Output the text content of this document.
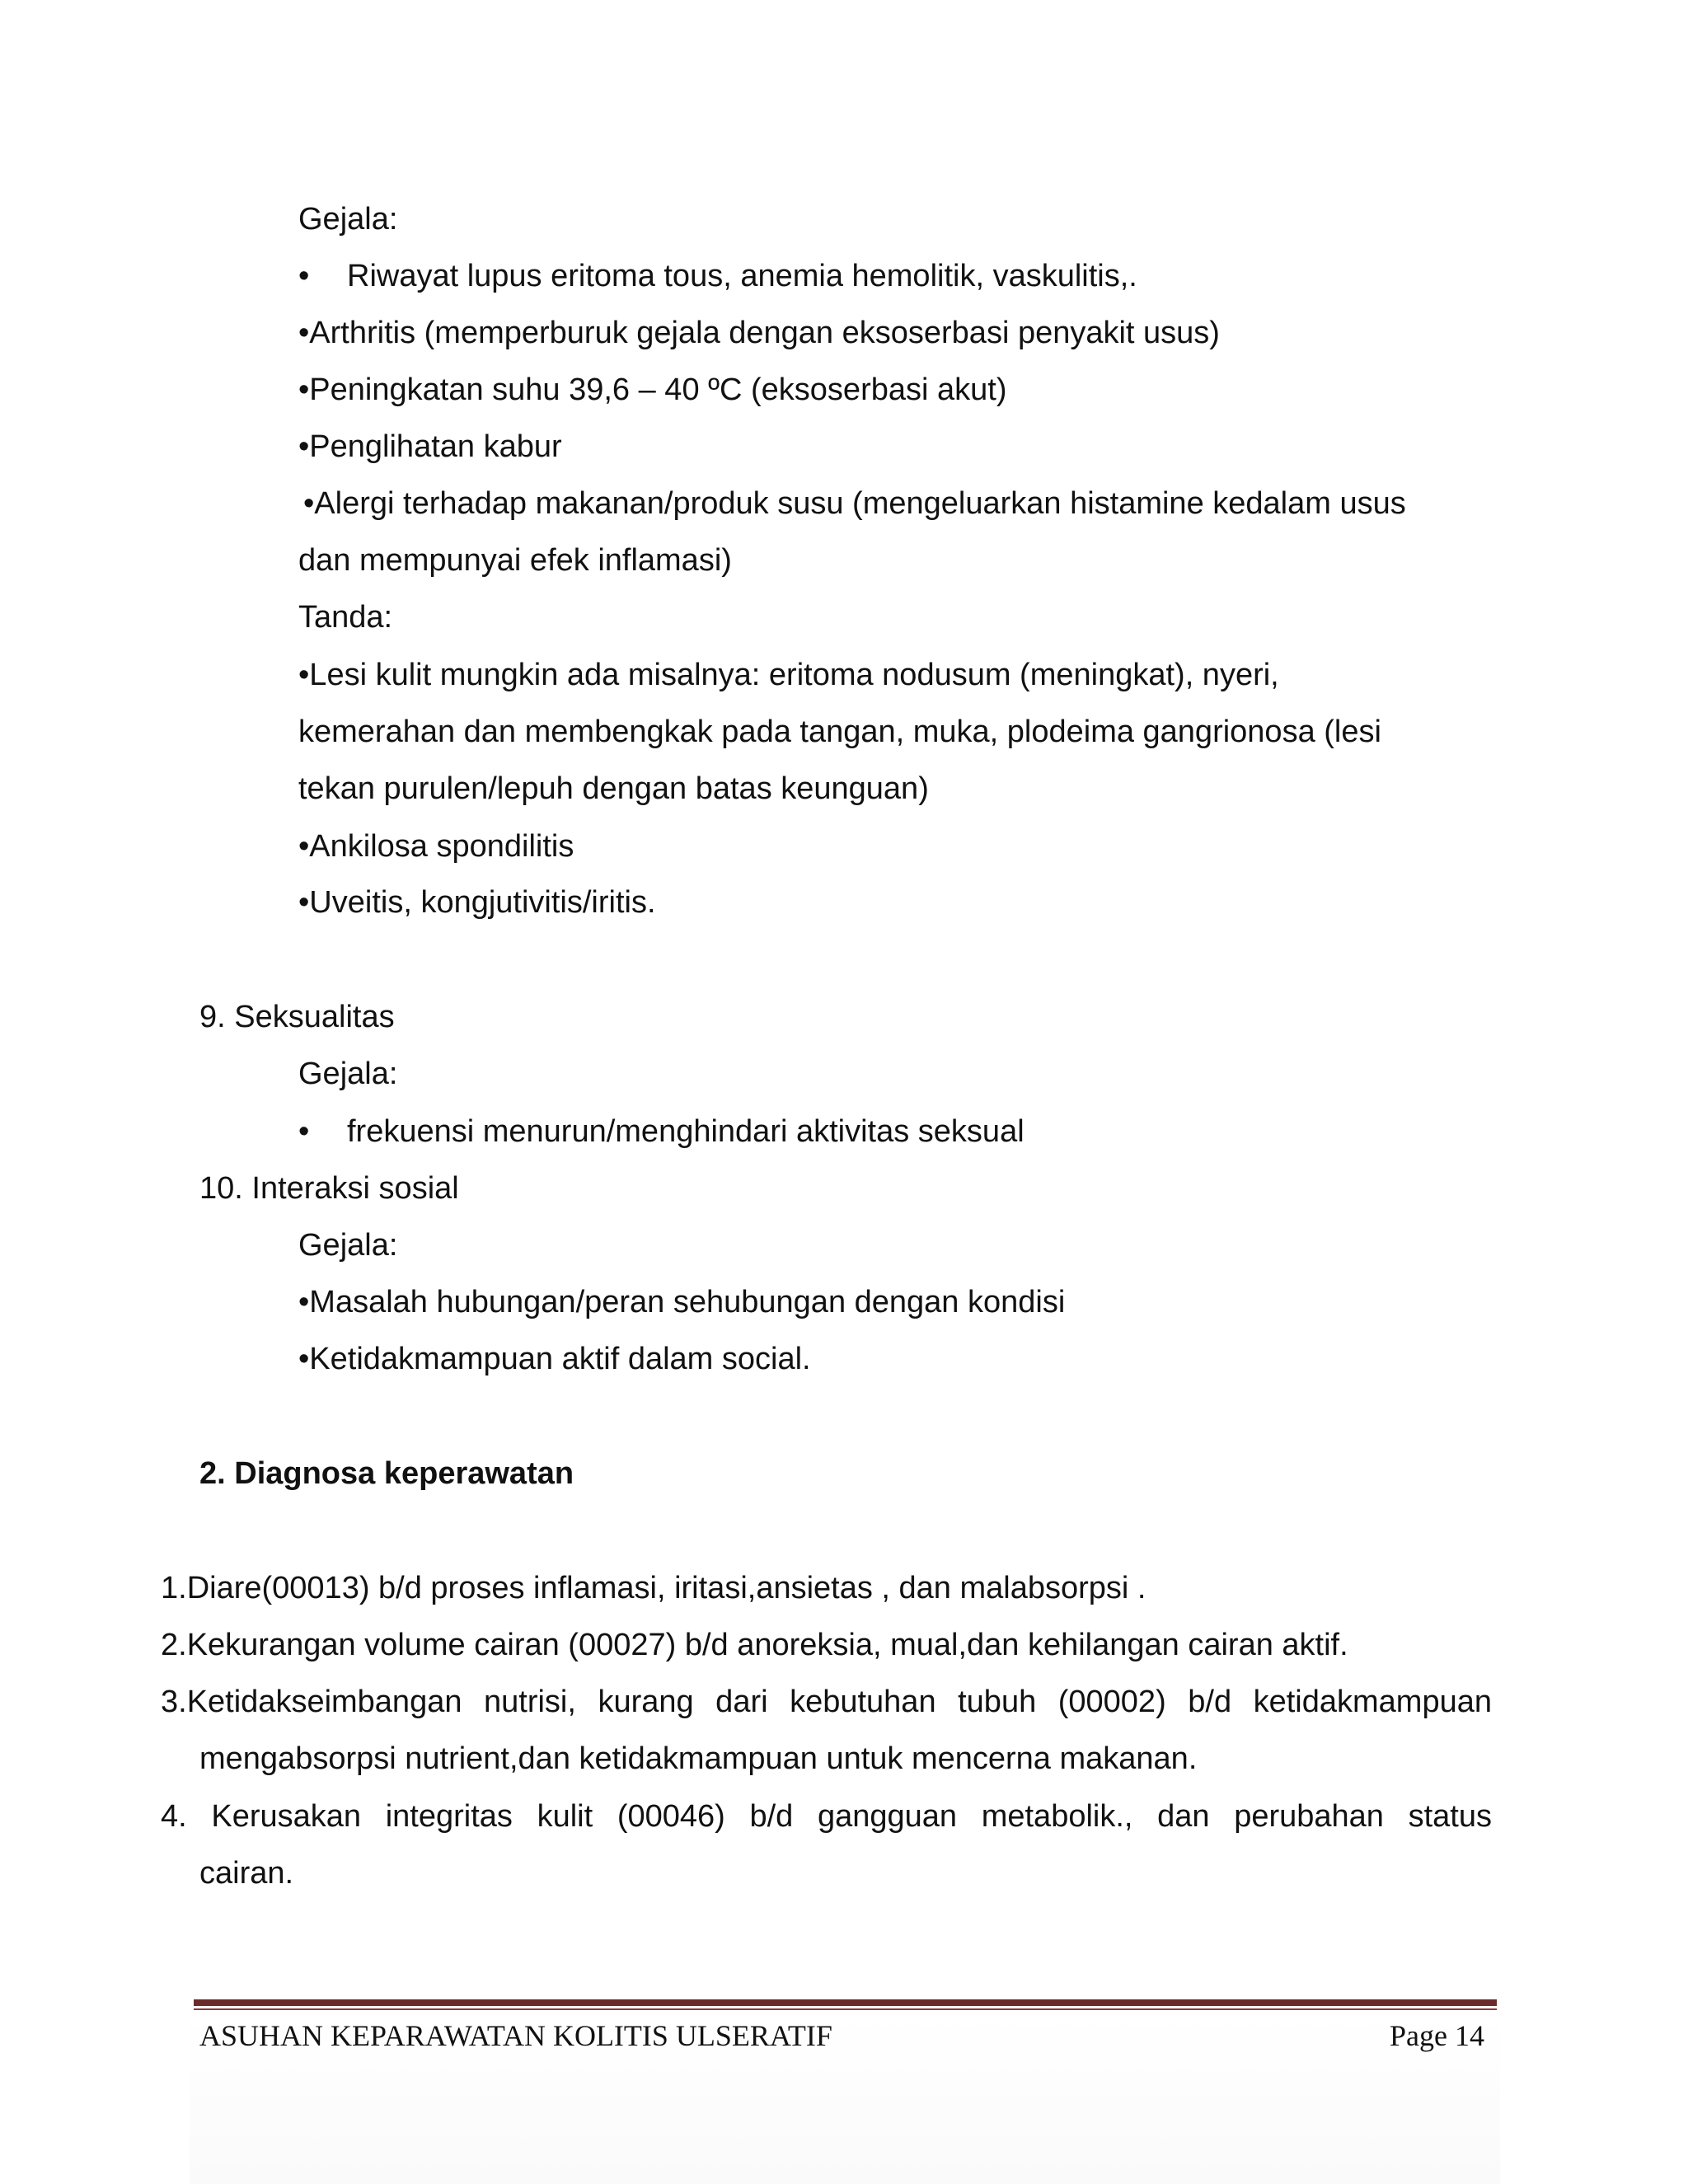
Gejala:
• Riwayat lupus eritoma tous, anemia hemolitik, vaskulitis,.
•Arthritis (memperburuk gejala dengan eksoserbasi penyakit usus)
•Peningkatan suhu 39,6 – 40 ºC (eksoserbasi akut)
•Penglihatan kabur
•Alergi terhadap makanan/produk susu (mengeluarkan histamine kedalam usus
dan mempunyai efek inflamasi)
Tanda:
•Lesi kulit mungkin ada misalnya: eritoma nodusum (meningkat), nyeri,
kemerahan dan membengkak pada tangan, muka, plodeima gangrionosa (lesi
tekan purulen/lepuh dengan batas keunguan)
•Ankilosa spondilitis
•Uveitis, kongjutivitis/iritis.
9. Seksualitas
Gejala:
• frekuensi menurun/menghindari aktivitas seksual
10. Interaksi sosial
Gejala:
•Masalah hubungan/peran sehubungan dengan kondisi
•Ketidakmampuan aktif dalam social.
2. Diagnosa keperawatan
1.Diare(00013) b/d proses inflamasi, iritasi,ansietas , dan malabsorpsi .
2.Kekurangan volume cairan (00027) b/d anoreksia, mual,dan kehilangan cairan aktif.
3.Ketidakseimbangan nutrisi, kurang dari kebutuhan tubuh (00002) b/d ketidakmampuan
mengabsorpsi nutrient,dan ketidakmampuan untuk mencerna makanan.
4. Kerusakan integritas kulit (00046) b/d gangguan metabolik., dan perubahan status
cairan.
ASUHAN KEPARAWATAN KOLITIS ULSERATIF	Page 14
